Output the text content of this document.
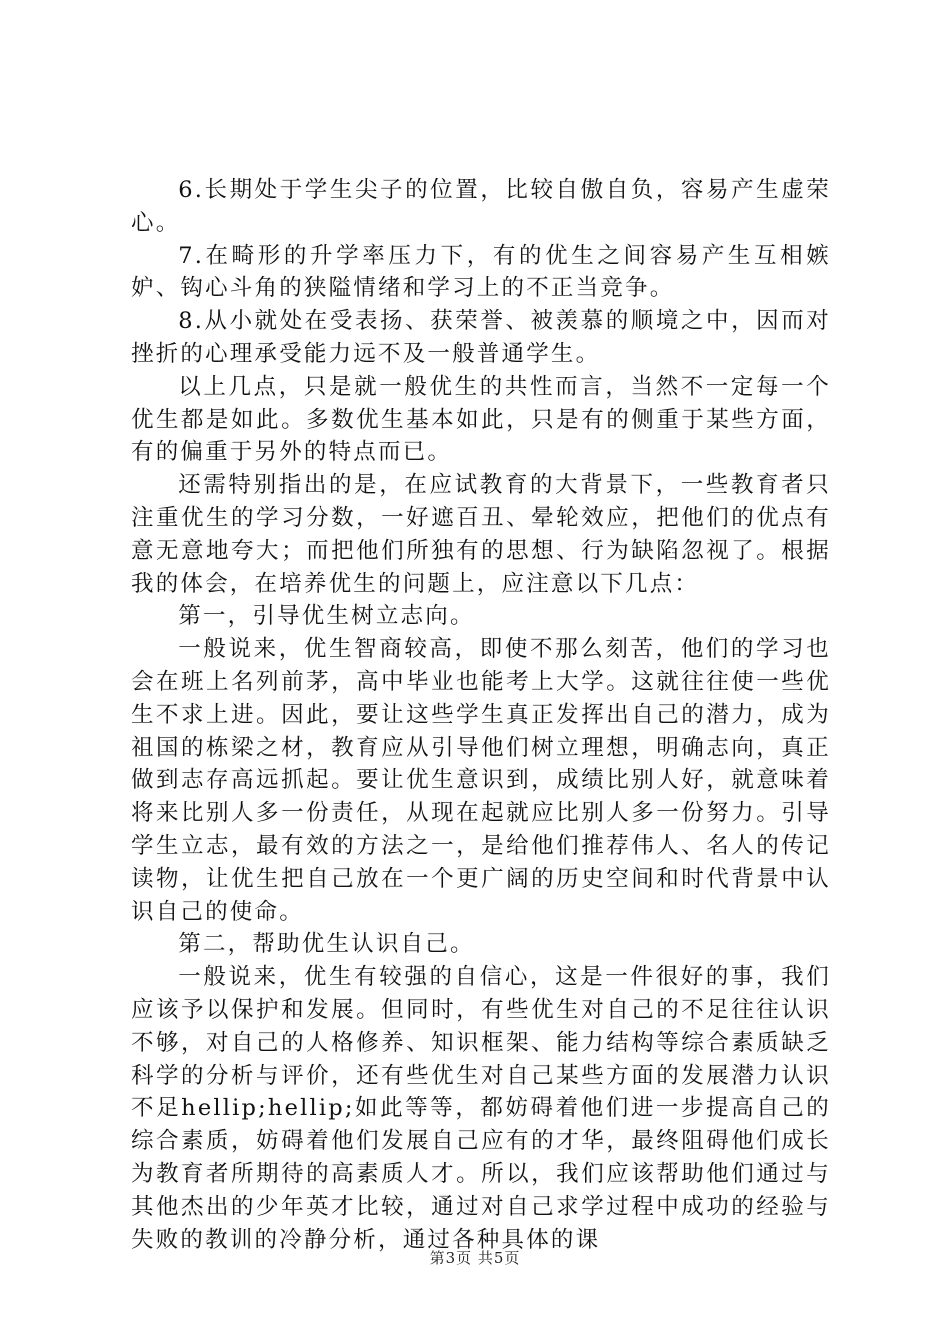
6.长期处于学生尖子的位置，比较自傲自负，容易产生虚荣心。

7.在畸形的升学率压力下，有的优生之间容易产生互相嫉妒、钩心斗角的狭隘情绪和学习上的不正当竞争。

8.从小就处在受表扬、获荣誉、被羡慕的顺境之中，因而对挫折的心理承受能力远不及一般普通学生。

以上几点，只是就一般优生的共性而言，当然不一定每一个优生都是如此。多数优生基本如此，只是有的侧重于某些方面，有的偏重于另外的特点而已。

还需特别指出的是，在应试教育的大背景下，一些教育者只注重优生的学习分数，一好遮百丑、晕轮效应，把他们的优点有意无意地夸大；而把他们所独有的思想、行为缺陷忽视了。根据我的体会，在培养优生的问题上，应注意以下几点：

第一，引导优生树立志向。

一般说来，优生智商较高，即使不那么刻苦，他们的学习也会在班上名列前茅，高中毕业也能考上大学。这就往往使一些优生不求上进。因此，要让这些学生真正发挥出自己的潜力，成为祖国的栋梁之材，教育应从引导他们树立理想，明确志向，真正做到志存高远抓起。要让优生意识到，成绩比别人好，就意味着将来比别人多一份责任，从现在起就应比别人多一份努力。引导学生立志，最有效的方法之一，是给他们推荐伟人、名人的传记读物，让优生把自己放在一个更广阔的历史空间和时代背景中认识自己的使命。

第二，帮助优生认识自己。

一般说来，优生有较强的自信心，这是一件很好的事，我们应该予以保护和发展。但同时，有些优生对自己的不足往往认识不够，对自己的人格修养、知识框架、能力结构等综合素质缺乏科学的分析与评价，还有些优生对自己某些方面的发展潜力认识不足hellip;hellip;如此等等，都妨碍着他们进一步提高自己的综合素质，妨碍着他们发展自己应有的才华，最终阻碍他们成长为教育者所期待的高素质人才。所以，我们应该帮助他们通过与其他杰出的少年英才比较，通过对自己求学过程中成功的经验与失败的教训的冷静分析，通过各种具体的课

第3页 共5页
